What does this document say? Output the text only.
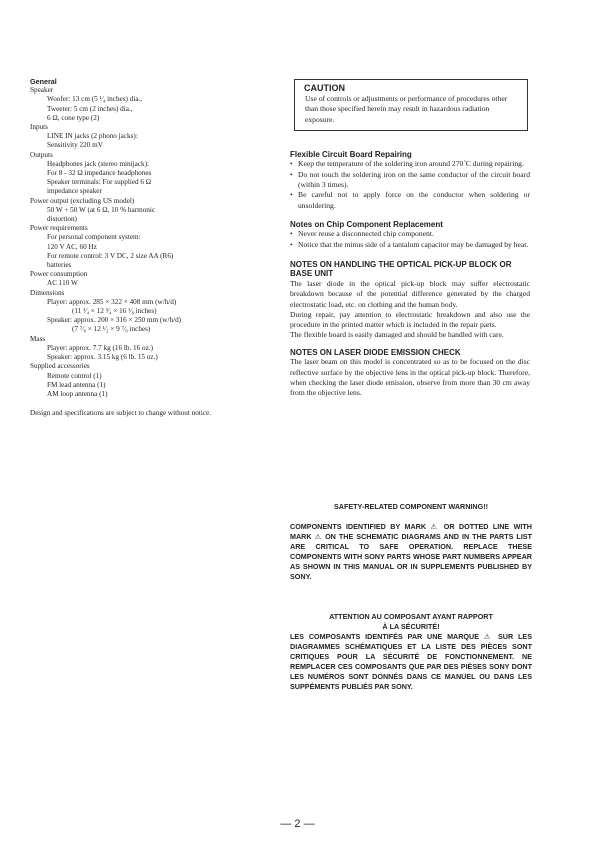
General
Speaker
Woofer: 13 cm (5 ¹⁄₄ inches) dia.,
Tweeter: 5 cm (2 inches) dia.,
6 Ω, cone type (2)
Inputs
LINE IN jacks (2 phono jacks):
Sensitivity 220 mV
Outputs
Headphones jack (stereo minijack):
For 8 - 32 Ω impedance headphones
Speaker terminals: For supplied 6 Ω
impedance speaker
Power output (excluding US model)
50 W + 50 W (at 6 Ω, 10 % harmonic
distortion)
Power requirements
For personal component system:
120 V AC, 60 Hz
For remote control: 3 V DC, 2 size AA (R6)
batteries
Power consumption
AC 110 W
Dimensions
Player: approx. 285 × 322 × 408 mm (w/h/d)
(11 ¹⁄₄ × 12 ³⁄₄ × 16 ¹⁄₈ inches)
Speaker: approx. 200 × 316 × 250 mm (w/h/d)
(7 ⁷⁄₈ × 12 ¹⁄₂ × 9 ⁷⁄₈ inches)
Mass
Player: approx. 7.7 kg (16 lb. 16 oz.)
Speaker: approx. 3.15 kg (6 lb. 15 oz.)
Supplied accessories
Remote control (1)
FM lead antenna (1)
AM loop antenna (1)
Design and specifications are subject to change without notice.
CAUTION
Use of controls or adjustments or performance of procedures other than those specified herein may result in hazardous radiation exposure.
Flexible Circuit Board Repairing
• Keep the temperature of the soldering iron around 270˚C during repairing.
• Do not touch the soldering iron on the same conductor of the circuit board (within 3 times).
• Be careful not to apply force on the conductor when soldering or unsoldering.
Notes on Chip Component Replacement
• Never reuse a disconnected chip component.
• Notice that the minus side of a tantalum capacitor may be damaged by heat.
NOTES ON HANDLING THE OPTICAL PICK-UP BLOCK OR BASE UNIT
The laser diode in the optical pick-up block may suffer electrostatic breakdown because of the potential difference generated by the charged electrostatic load, etc. on clothing and the human body.
During repair, pay attention to electrostatic breakdown and also use the procedure in the printed matter which is included in the repair parts.
The flexible board is easily damaged and should be handled with care.
NOTES ON LASER DIODE EMISSION CHECK
The laser beam on this model is concentrated so as to be focused on the disc reflective surface by the objective lens in the optical pick-up block. Therefore, when checking the laser diode emission, observe from more than 30 cm away from the objective lens.
SAFETY-RELATED COMPONENT WARNING!!
COMPONENTS IDENTIFIED BY MARK ⚠ OR DOTTED LINE WITH MARK ⚠ ON THE SCHEMATIC DIAGRAMS AND IN THE PARTS LIST ARE CRITICAL TO SAFE OPERATION. REPLACE THESE COMPONENTS WITH SONY PARTS WHOSE PART NUMBERS APPEAR AS SHOWN IN THIS MANUAL OR IN SUPPLEMENTS PUBLISHED BY SONY.
ATTENTION AU COMPOSANT AYANT RAPPORT
À LA SÉCURITÉ!
LES COMPOSANTS IDENTIFÉS PAR UNE MARQUE ⚠ SUR LES DIAGRAMMES SCHÉMATIQUES ET LA LISTE DES PIÈCES SONT CRITIQUES POUR LA SÉCURITÉ DE FONCTIONNEMENT. NE REMPLACER CES COMPOSANTS QUE PAR DES PIÈSES SONY DONT LES NUMÉROS SONT DONNÉS DANS CE MANUEL OU DANS LES SUPPÉMENTS PUBLIÉS PAR SONY.
— 2 —
